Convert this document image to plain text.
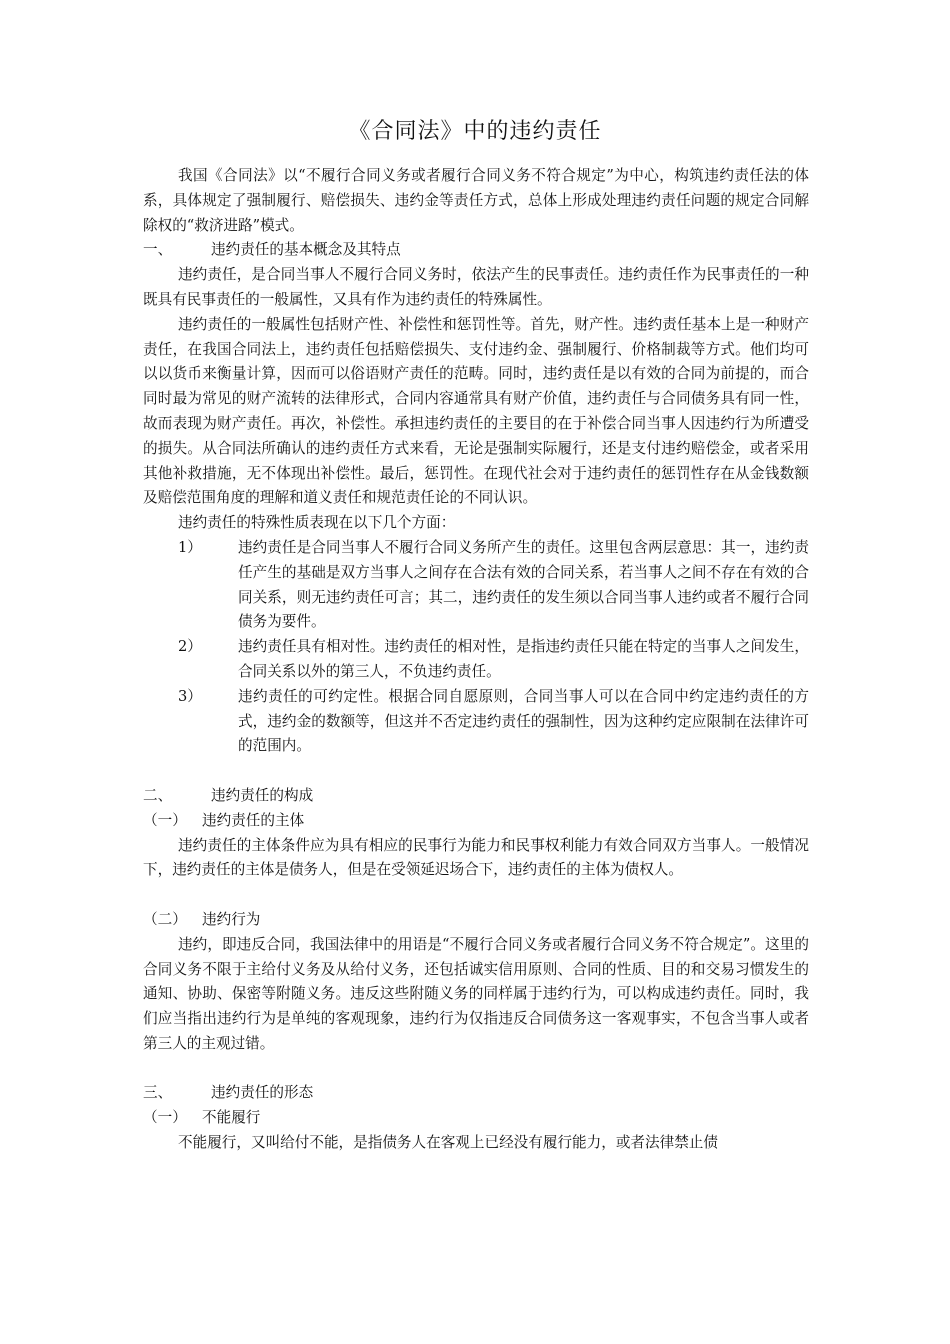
《合同法》中的违约责任

我国《合同法》以“不履行合同义务或者履行合同义务不符合规定”为中心，构筑违约责任法的体系，具体规定了强制履行、赔偿损失、违约金等责任方式，总体上形成处理违约责任问题的规定合同解除权的“救济进路”模式。

一、	违约责任的基本概念及其特点

违约责任，是合同当事人不履行合同义务时，依法产生的民事责任。违约责任作为民事责任的一种既具有民事责任的一般属性，又具有作为违约责任的特殊属性。

违约责任的一般属性包括财产性、补偿性和惩罚性等。首先，财产性。违约责任基本上是一种财产责任，在我国合同法上，违约责任包括赔偿损失、支付违约金、强制履行、价格制裁等方式。他们均可以以货币来衡量计算，因而可以俗语财产责任的范畴。同时，违约责任是以有效的合同为前提的，而合同时最为常见的财产流转的法律形式，合同内容通常具有财产价值，违约责任与合同债务具有同一性，故而表现为财产责任。再次，补偿性。承担违约责任的主要目的在于补偿合同当事人因违约行为所遭受的损失。从合同法所确认的违约责任方式来看，无论是强制实际履行，还是支付违约赔偿金，或者采用其他补救措施，无不体现出补偿性。最后，惩罚性。在现代社会对于违约责任的惩罚性存在从金钱数额及赔偿范围角度的理解和道义责任和规范责任论的不同认识。

违约责任的特殊性质表现在以下几个方面：

1）	违约责任是合同当事人不履行合同义务所产生的责任。这里包含两层意思：其一，违约责任产生的基础是双方当事人之间存在合法有效的合同关系，若当事人之间不存在有效的合同关系，则无违约责任可言；其二，违约责任的发生须以合同当事人违约或者不履行合同债务为要件。
2）	违约责任具有相对性。违约责任的相对性，是指违约责任只能在特定的当事人之间发生，合同关系以外的第三人，不负违约责任。
3）	违约责任的可约定性。根据合同自愿原则，合同当事人可以在合同中约定违约责任的方式，违约金的数额等，但这并不否定违约责任的强制性，因为这种约定应限制在法律许可的范围内。
二、	违约责任的构成
（一）	违约责任的主体

违约责任的主体条件应为具有相应的民事行为能力和民事权利能力有效合同双方当事人。一般情况下，违约责任的主体是债务人，但是在受领延迟场合下，违约责任的主体为债权人。

（二）	违约行为

违约，即违反合同，我国法律中的用语是“不履行合同义务或者履行合同义务不符合规定”。这里的合同义务不限于主给付义务及从给付义务，还包括诚实信用原则、合同的性质、目的和交易习惯发生的通知、协助、保密等附随义务。违反这些附随义务的同样属于违约行为，可以构成违约责任。同时，我们应当指出违约行为是单纯的客观现象，违约行为仅指违反合同债务这一客观事实，不包含当事人或者第三人的主观过错。

三、	违约责任的形态
（一）	不能履行

不能履行，又叫给付不能，是指债务人在客观上已经没有履行能力，或者法律禁止债
